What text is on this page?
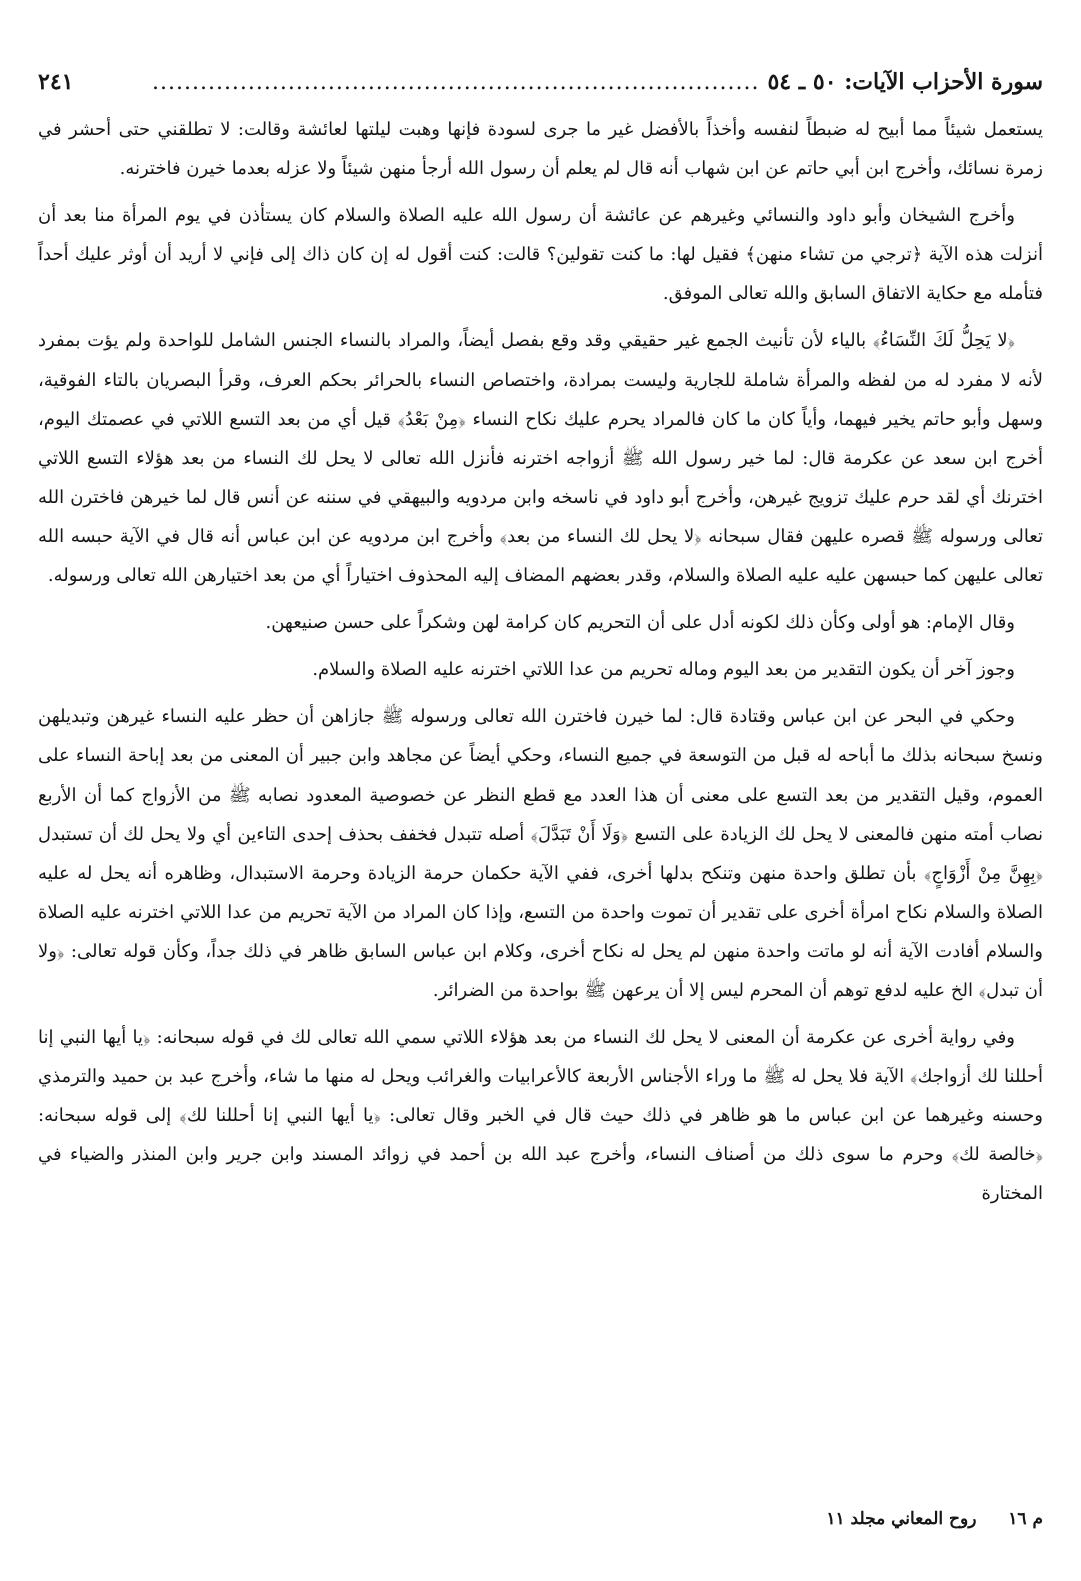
سورة الأحزاب الآيات: ٥٠ ـ ٥٤
............................................................................
٢٤١

يستعمل شيئاً مما أبيح له ضبطاً لنفسه وأخذاً بالأفضل غير ما جرى لسودة فإنها وهبت ليلتها لعائشة وقالت: لا تطلقني حتى أحشر في زمرة نسائك، وأخرج ابن أبي حاتم عن ابن شهاب أنه قال لم يعلم أن رسول الله أرجأ منهن شيئاً ولا عزله بعدما خيرن فاخترنه.

وأخرج الشيخان وأبو داود والنسائي وغيرهم عن عائشة أن رسول الله عليه الصلاة والسلام كان يستأذن في يوم المرأة منا بعد أن أنزلت هذه الآية ﴿ترجي من تشاء منهن﴾ فقيل لها: ما كنت تقولين؟ قالت: كنت أقول له إن كان ذاك إلى فإني لا أريد أن أوثر عليك أحداً فتأمله مع حكاية الاتفاق السابق والله تعالى الموفق.

﴿لا يَحِلُّ لَكَ النِّسَاءُ﴾ بالياء لأن تأنيث الجمع غير حقيقي وقد وقع بفصل أيضاً، والمراد بالنساء الجنس الشامل للواحدة ولم يؤت بمفرد لأنه لا مفرد له من لفظه والمرأة شاملة للجارية وليست بمرادة، واختصاص النساء بالحرائر بحكم العرف، وقرأ البصريان بالتاء الفوقية، وسهل وأبو حاتم يخير فيهما، وأياً كان ما كان فالمراد يحرم عليك نكاح النساء ﴿مِنْ بَعْدُ﴾ قيل أي من بعد التسع اللاتي في عصمتك اليوم، أخرج ابن سعد عن عكرمة قال: لما خير رسول الله ﷺ أزواجه اخترنه فأنزل الله تعالى لا يحل لك النساء من بعد هؤلاء التسع اللاتي اخترنك أي لقد حرم عليك تزويج غيرهن، وأخرج أبو داود في ناسخه وابن مردويه والبيهقي في سننه عن أنس قال لما خيرهن فاخترن الله تعالى ورسوله ﷺ قصره عليهن فقال سبحانه ﴿لا يحل لك النساء من بعد﴾ وأخرج ابن مردويه عن ابن عباس أنه قال في الآية حبسه الله تعالى عليهن كما حبسهن عليه عليه الصلاة والسلام، وقدر بعضهم المضاف إليه المحذوف اختياراً أي من بعد اختيارهن الله تعالى ورسوله.

وقال الإمام: هو أولى وكأن ذلك لكونه أدل على أن التحريم كان كرامة لهن وشكراً على حسن صنيعهن.

وجوز آخر أن يكون التقدير من بعد اليوم وماله تحريم من عدا اللاتي اخترنه عليه الصلاة والسلام.

وحكي في البحر عن ابن عباس وقتادة قال: لما خيرن فاخترن الله تعالى ورسوله ﷺ جازاهن أن حظر عليه النساء غيرهن وتبديلهن ونسخ سبحانه بذلك ما أباحه له قبل من التوسعة في جميع النساء، وحكي أيضاً عن مجاهد وابن جبير أن المعنى من بعد إباحة النساء على العموم، وقيل التقدير من بعد التسع على معنى أن هذا العدد مع قطع النظر عن خصوصية المعدود نصابه ﷺ من الأزواج كما أن الأربع نصاب أمته منهن فالمعنى لا يحل لك الزيادة على التسع ﴿وَلَا أَنْ تَبَدَّلَ﴾ أصله تتبدل فخفف بحذف إحدى التاءين أي ولا يحل لك أن تستبدل ﴿بِهِنَّ مِنْ أَزْوَاجٍ﴾ بأن تطلق واحدة منهن وتنكح بدلها أخرى، ففي الآية حكمان حرمة الزيادة وحرمة الاستبدال، وظاهره أنه يحل له عليه الصلاة والسلام نكاح امرأة أخرى على تقدير أن تموت واحدة من التسع، وإذا كان المراد من الآية تحريم من عدا اللاتي اخترنه عليه الصلاة والسلام أفادت الآية أنه لو ماتت واحدة منهن لم يحل له نكاح أخرى، وكلام ابن عباس السابق ظاهر في ذلك جداً، وكأن قوله تعالى: ﴿ولا أن تبدل﴾ الخ عليه لدفع توهم أن المحرم ليس إلا أن يرعهن ﷺ بواحدة من الضرائر.

وفي رواية أخرى عن عكرمة أن المعنى لا يحل لك النساء من بعد هؤلاء اللاتي سمي الله تعالى لك في قوله سبحانه: ﴿يا أيها النبي إنا أحللنا لك أزواجك﴾ الآية فلا يحل له ﷺ ما وراء الأجناس الأربعة كالأعرابيات والغرائب ويحل له منها ما شاء، وأخرج عبد بن حميد والترمذي وحسنه وغيرهما عن ابن عباس ما هو ظاهر في ذلك حيث قال في الخبر وقال تعالى: ﴿يا أيها النبي إنا أحللنا لك﴾ إلى قوله سبحانه: ﴿خالصة لك﴾ وحرم ما سوى ذلك من أصناف النساء، وأخرج عبد الله بن أحمد في زوائد المسند وابن جرير وابن المنذر والضياء في المختارة

م ١٦  روح المعاني مجلد ١١
